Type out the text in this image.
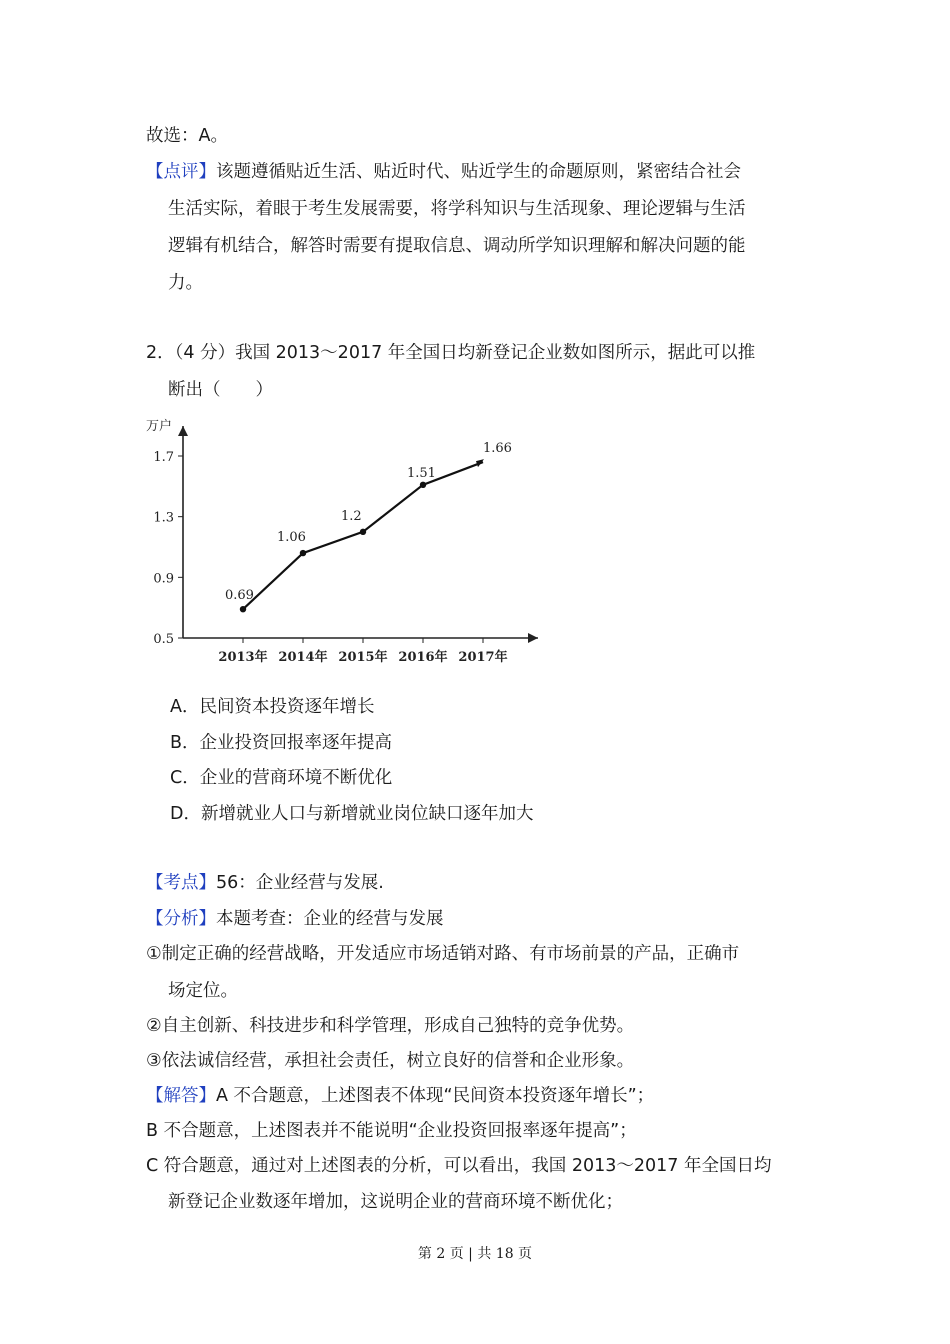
故选：A。
【点评】该题遵循贴近生活、贴近时代、贴近学生的命题原则，紧密结合社会
生活实际，着眼于考生发展需要，将学科知识与生活现象、理论逻辑与生活
逻辑有机结合，解答时需要有提取信息、调动所学知识理解和解决问题的能
力。
2．（4 分）我国 2013～2017 年全国日均新登记企业数如图所示，据此可以推
断出（　　）
万户
0.5
0.9
1.3
1.7
2013年 2014年 2015年 2016年 2017年
0.69
1.06
1.2
1.51
1.66
A．民间资本投资逐年增长
B．企业投资回报率逐年提高
C．企业的营商环境不断优化
D．新增就业人口与新增就业岗位缺口逐年加大
【考点】56：企业经营与发展.
【分析】本题考查：企业的经营与发展
①制定正确的经营战略，开发适应市场适销对路、有市场前景的产品，正确市
场定位。
②自主创新、科技进步和科学管理，形成自己独特的竞争优势。
③依法诚信经营，承担社会责任，树立良好的信誉和企业形象。
【解答】A 不合题意，上述图表不体现“民间资本投资逐年增长”；
B 不合题意，上述图表并不能说明“企业投资回报率逐年提高”；
C 符合题意，通过对上述图表的分析，可以看出，我国 2013～2017 年全国日均
新登记企业数逐年增加，这说明企业的营商环境不断优化；
第 2 页 | 共 18 页
